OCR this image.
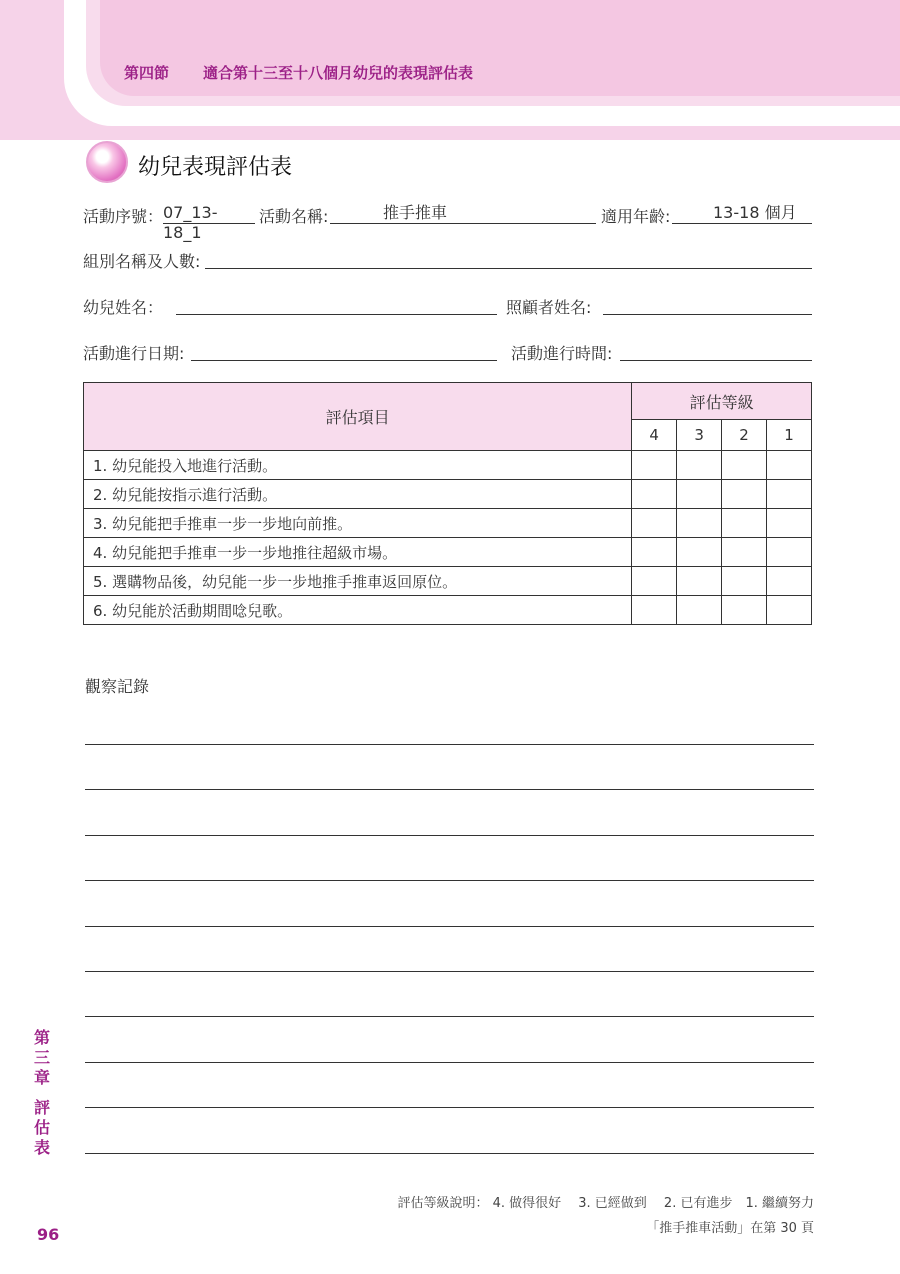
第四節 適合第十三至十八個月幼兒的表現評估表
幼兒表現評估表
活動序號： 07_13-18_1
活動名稱:	推手推車	適用年齡:	13-18 個月
組別名稱及人數:
幼兒姓名：	照顧者姓名:
活動進行日期:	活動進行時間:
評估項目	評估等級			
	4	3	2	1
1. 幼兒能投入地進行活動。				
2. 幼兒能按指示進行活動。				
3. 幼兒能把手推車一步一步地向前推。				
4. 幼兒能把手推車一步一步地推往超級市場。				
5. 選購物品後，幼兒能一步一步地推手推車返回原位。				
6. 幼兒能於活動期間唸兒歌。				
觀察記錄
第
三
章
評
估
表
96
評估等級說明： 4. 做得很好　 3. 已經做到　 2. 已有進步　1. 繼續努力
「推手推車活動」在第 30 頁
